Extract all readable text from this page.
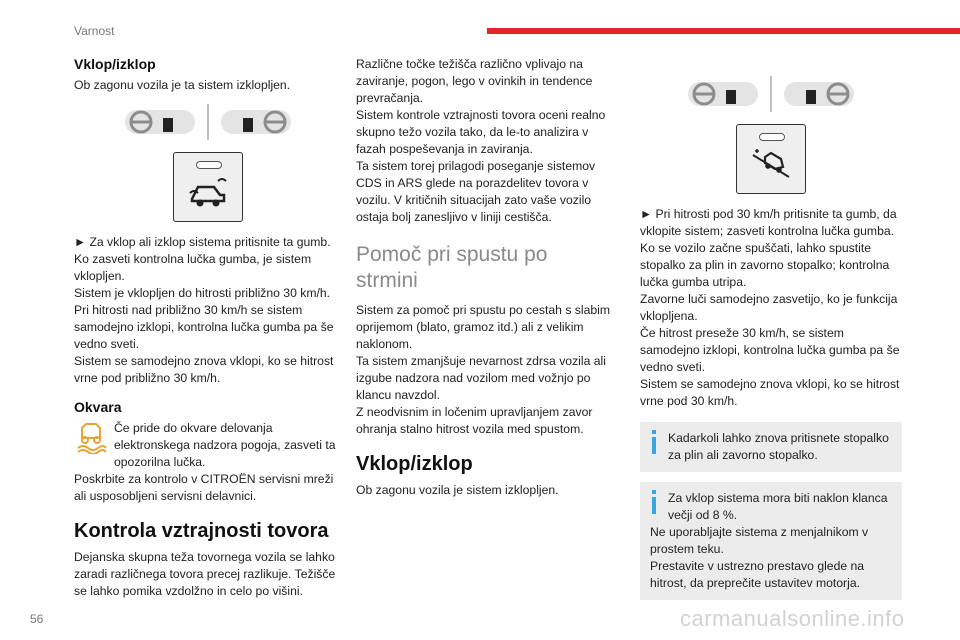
Varnost
Vklop/izklop

Ob zagonu vozila je ta sistem izklopljen.

► Za vklop ali izklop sistema pritisnite ta gumb.
Ko zasveti kontrolna lučka gumba, je sistem vklopljen.
Sistem je vklopljen do hitrosti približno 30 km/h.
Pri hitrosti nad približno 30 km/h se sistem samodejno izklopi, kontrolna lučka gumba pa še vedno sveti.
Sistem se samodejno znova vklopi, ko se hitrost vrne pod približno 30 km/h.

Okvara
Če pride do okvare delovanja elektronskega nadzora pogoja, zasveti ta opozorilna lučka.

Poskrbite za kontrolo v CITROËN servisni mreži ali usposobljeni servisni delavnici.

Kontrola vztrajnosti tovora

Dejanska skupna teža tovornega vozila se lahko zaradi različnega tovora precej razlikuje. Težišče se lahko pomika vzdolžno in celo po višini.

Različne točke težišča različno vplivajo na zaviranje, pogon, lego v ovinkih in tendence prevračanja.
Sistem kontrole vztrajnosti tovora oceni realno skupno težo vozila tako, da le-to analizira v fazah pospeševanja in zaviranja.
Ta sistem torej prilagodi poseganje sistemov CDS in ARS glede na porazdelitev tovora v vozilu. V kritičnih situacijah zato vaše vozilo ostaja bolj zanesljivo v liniji cestišča.

Pomoč pri spustu po strmini

Sistem za pomoč pri spustu po cestah s slabim oprijemom (blato, gramoz itd.) ali z velikim naklonom.
Ta sistem zmanjšuje nevarnost zdrsa vozila ali izgube nadzora nad vozilom med vožnjo po klancu navzdol.
Z neodvisnim in ločenim upravljanjem zavor ohranja stalno hitrost vozila med spustom.

Vklop/izklop

Ob zagonu vozila je sistem izklopljen.

► Pri hitrosti pod 30 km/h pritisnite ta gumb, da vklopite sistem; zasveti kontrolna lučka gumba.
Ko se vozilo začne spuščati, lahko spustite stopalko za plin in zavorno stopalko; kontrolna lučka gumba utripa.
Zavorne luči samodejno zasvetijo, ko je funkcija vklopljena.
Če hitrost preseže 30 km/h, se sistem samodejno izklopi, kontrolna lučka gumba pa še vedno sveti.
Sistem se samodejno znova vklopi, ko se hitrost vrne pod 30 km/h.

Kadarkoli lahko znova pritisnete stopalko za plin ali zavorno stopalko.
Za vklop sistema mora biti naklon klanca večji od 8 %.
Ne uporabljajte sistema z menjalnikom v prostem teku.
Prestavite v ustrezno prestavo glede na hitrost, da preprečite ustavitev motorja.
56	carmanualsonline.info
